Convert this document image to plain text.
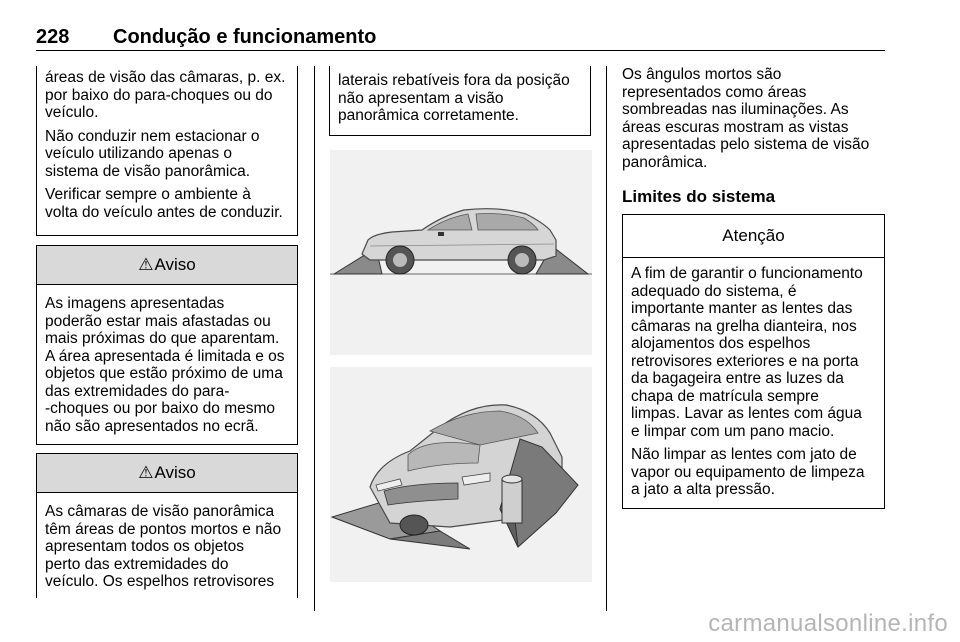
228 Condução e funcionamento

áreas de visão das câmaras, p. ex.
por baixo do para-choques ou do
veículo.

Não conduzir nem estacionar o
veículo utilizando apenas o
sistema de visão panorâmica.

Verificar sempre o ambiente à
volta do veículo antes de conduzir.

⚠ Aviso
As imagens apresentadas
poderão estar mais afastadas ou
mais próximas do que aparentam.
A área apresentada é limitada e os
objetos que estão próximo de uma
das extremidades do para-
-choques ou por baixo do mesmo
não são apresentados no ecrã.
⚠ Aviso
As câmaras de visão panorâmica
têm áreas de pontos mortos e não
apresentam todos os objetos
perto das extremidades do
veículo. Os espelhos retrovisores
laterais rebatíveis fora da posição
não apresentam a visão
panorâmica corretamente.

Os ângulos mortos são
representados como áreas
sombreadas nas iluminações. As
áreas escuras mostram as vistas
apresentadas pelo sistema de visão
panorâmica.

Limites do sistema
Atenção

A fim de garantir o funcionamento
adequado do sistema, é
importante manter as lentes das
câmaras na grelha dianteira, nos
alojamentos dos espelhos
retrovisores exteriores e na porta
da bagageira entre as luzes da
chapa de matrícula sempre
limpas. Lavar as lentes com água
e limpar com um pano macio.

Não limpar as lentes com jato de
vapor ou equipamento de limpeza
a jato a alta pressão.

carmanualsonline.info
